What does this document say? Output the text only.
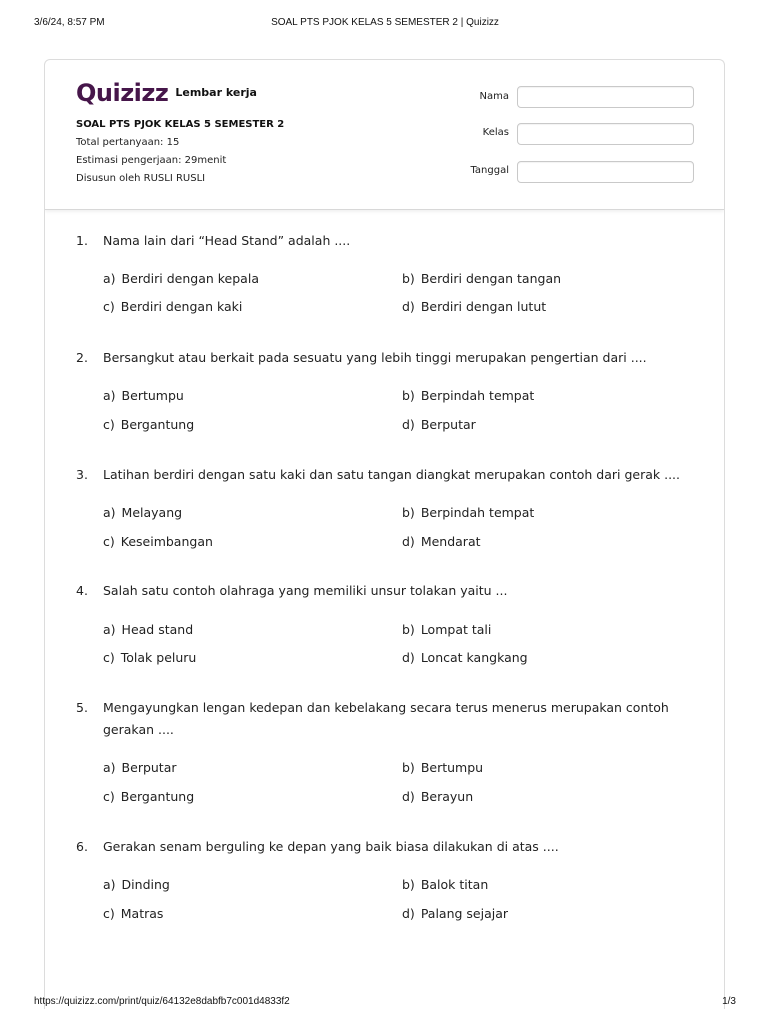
3/6/24, 8:57 PM	SOAL PTS PJOK KELAS 5 SEMESTER 2 | Quizizz
Quizizz Lembar kerja
SOAL PTS PJOK KELAS 5 SEMESTER 2
Total pertanyaan: 15
Estimasi pengerjaan: 29menit
Disusun oleh RUSLI RUSLI
Nama
Kelas
Tanggal
1. Nama lain dari “Head Stand” adalah ....
a) Berdiri dengan kepala	b) Berdiri dengan tangan
c) Berdiri dengan kaki	d) Berdiri dengan lutut
2. Bersangkut atau berkait pada sesuatu yang lebih tinggi merupakan pengertian dari ....
a) Bertumpu	b) Berpindah tempat
c) Bergantung	d) Berputar
3. Latihan berdiri dengan satu kaki dan satu tangan diangkat merupakan contoh dari gerak ....
a) Melayang	b) Berpindah tempat
c) Keseimbangan	d) Mendarat
4. Salah satu contoh olahraga yang memiliki unsur tolakan yaitu ...
a) Head stand	b) Lompat tali
c) Tolak peluru	d) Loncat kangkang
5. Mengayungkan lengan kedepan dan kebelakang secara terus menerus merupakan contoh gerakan ....
a) Berputar	b) Bertumpu
c) Bergantung	d) Berayun
6. Gerakan senam berguling ke depan yang baik biasa dilakukan di atas ....
a) Dinding	b) Balok titan
c) Matras	d) Palang sejajar
https://quizizz.com/print/quiz/64132e8dabfb7c001d4833f2	1/3
